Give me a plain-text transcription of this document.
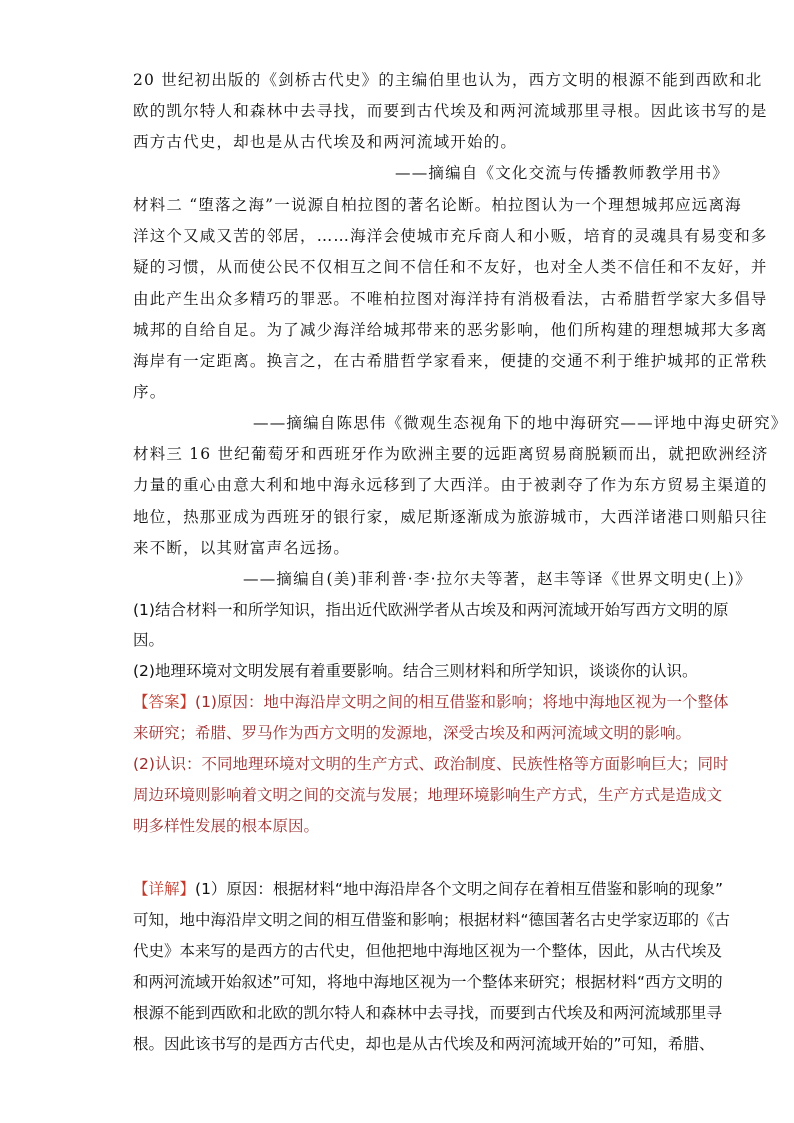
20 世纪初出版的《剑桥古代史》的主编伯里也认为，西方文明的根源不能到西欧和北
欧的凯尔特人和森林中去寻找，而要到古代埃及和两河流域那里寻根。因此该书写的是
西方古代史，却也是从古代埃及和两河流域开始的。
——摘编自《文化交流与传播教师教学用书》
材料二 “堕落之海”一说源自柏拉图的著名论断。柏拉图认为一个理想城邦应远离海
洋这个又咸又苦的邻居，……海洋会使城市充斥商人和小贩，培育的灵魂具有易变和多
疑的习惯，从而使公民不仅相互之间不信任和不友好，也对全人类不信任和不友好，并
由此产生出众多精巧的罪恶。不唯柏拉图对海洋持有消极看法，古希腊哲学家大多倡导
城邦的自给自足。为了减少海洋给城邦带来的恶劣影响，他们所构建的理想城邦大多离
海岸有一定距离。换言之，在古希腊哲学家看来，便捷的交通不利于维护城邦的正常秩
序。
——摘编自陈思伟《微观生态视角下的地中海研究——评地中海史研究》
材料三 16 世纪葡萄牙和西班牙作为欧洲主要的远距离贸易商脱颖而出，就把欧洲经济
力量的重心由意大利和地中海永远移到了大西洋。由于被剥夺了作为东方贸易主渠道的
地位，热那亚成为西班牙的银行家，威尼斯逐渐成为旅游城市，大西洋诸港口则船只往
来不断，以其财富声名远扬。
——摘编自(美)菲利普·李·拉尔夫等著，赵丰等译《世界文明史(上)》
(1)结合材料一和所学知识，指出近代欧洲学者从古埃及和两河流域开始写西方文明的原
因。
(2)地理环境对文明发展有着重要影响。结合三则材料和所学知识，谈谈你的认识。
【答案】(1)原因：地中海沿岸文明之间的相互借鉴和影响；将地中海地区视为一个整体
来研究；希腊、罗马作为西方文明的发源地，深受古埃及和两河流域文明的影响。
(2)认识：不同地理环境对文明的生产方式、政治制度、民族性格等方面影响巨大；同时
周边环境则影响着文明之间的交流与发展；地理环境影响生产方式，生产方式是造成文
明多样性发展的根本原因。
【详解】(1）原因：根据材料“地中海沿岸各个文明之间存在着相互借鉴和影响的现象”
可知，地中海沿岸文明之间的相互借鉴和影响；根据材料“德国著名古史学家迈耶的《古
代史》本来写的是西方的古代史，但他把地中海地区视为一个整体，因此，从古代埃及
和两河流域开始叙述”可知，将地中海地区视为一个整体来研究；根据材料“西方文明的
根源不能到西欧和北欧的凯尔特人和森林中去寻找，而要到古代埃及和两河流域那里寻
根。因此该书写的是西方古代史，却也是从古代埃及和两河流域开始的”可知，希腊、
